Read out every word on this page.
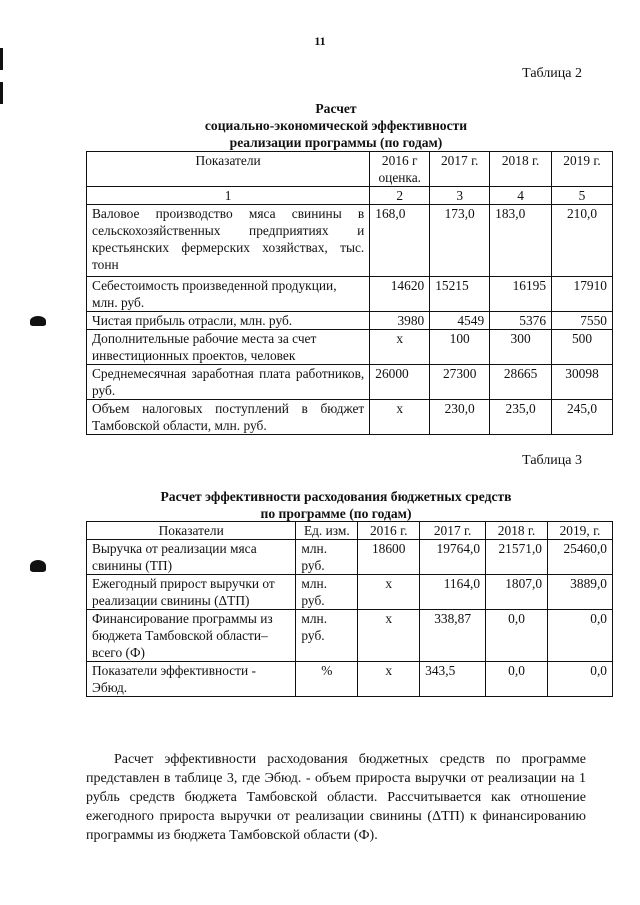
11
Таблица 2
Расчет
социально-экономической эффективности
реализации программы (по годам)
Показатели	2016 г оценка.	2017 г.	2018 г.	2019 г.
1	2	3	4	5
Валовое производство мяса свинины в сельскохозяйственных предприятиях и крестьянских фермерских хозяйствах, тыс. тонн	168,0	173,0	183,0	210,0
Себестоимость произведенной продукции, млн. руб.	14620	15215	16195	17910
Чистая прибыль отрасли, млн. руб.	3980	4549	5376	7550
Дополнительные рабочие места за счет инвестиционных проектов, человек	х	100	300	500
Среднемесячная заработная плата работников, руб.	26000	27300	28665	30098
Объем налоговых поступлений в бюджет Тамбовской области, млн. руб.	х	230,0	235,0	245,0
Таблица 3
Расчет эффективности расходования бюджетных средств
по программе (по годам)
Показатели	Ед. изм.	2016 г.	2017 г.	2018 г.	2019, г.
Выручка от реализации мяса свинины (ТП)	млн. руб.	18600	19764,0	21571,0	25460,0
Ежегодный прирост выручки от реализации свинины (ΔТП)	млн. руб.	х	1164,0	1807,0	3889,0
Финансирование программы из бюджета Тамбовской области– всего (Ф)	млн. руб.	х	338,87	0,0	0,0
Показатели эффективности - Эбюд.	%	х	343,5	0,0	0,0

Расчет эффективности расходования бюджетных средств по программе представлен в таблице 3, где Эбюд. - объем прироста выручки от реализации на 1 рубль средств бюджета Тамбовской области. Рассчитывается как отношение ежегодного прироста выручки от реализации свинины (ΔТП) к финансированию программы из бюджета Тамбовской области (Ф).
